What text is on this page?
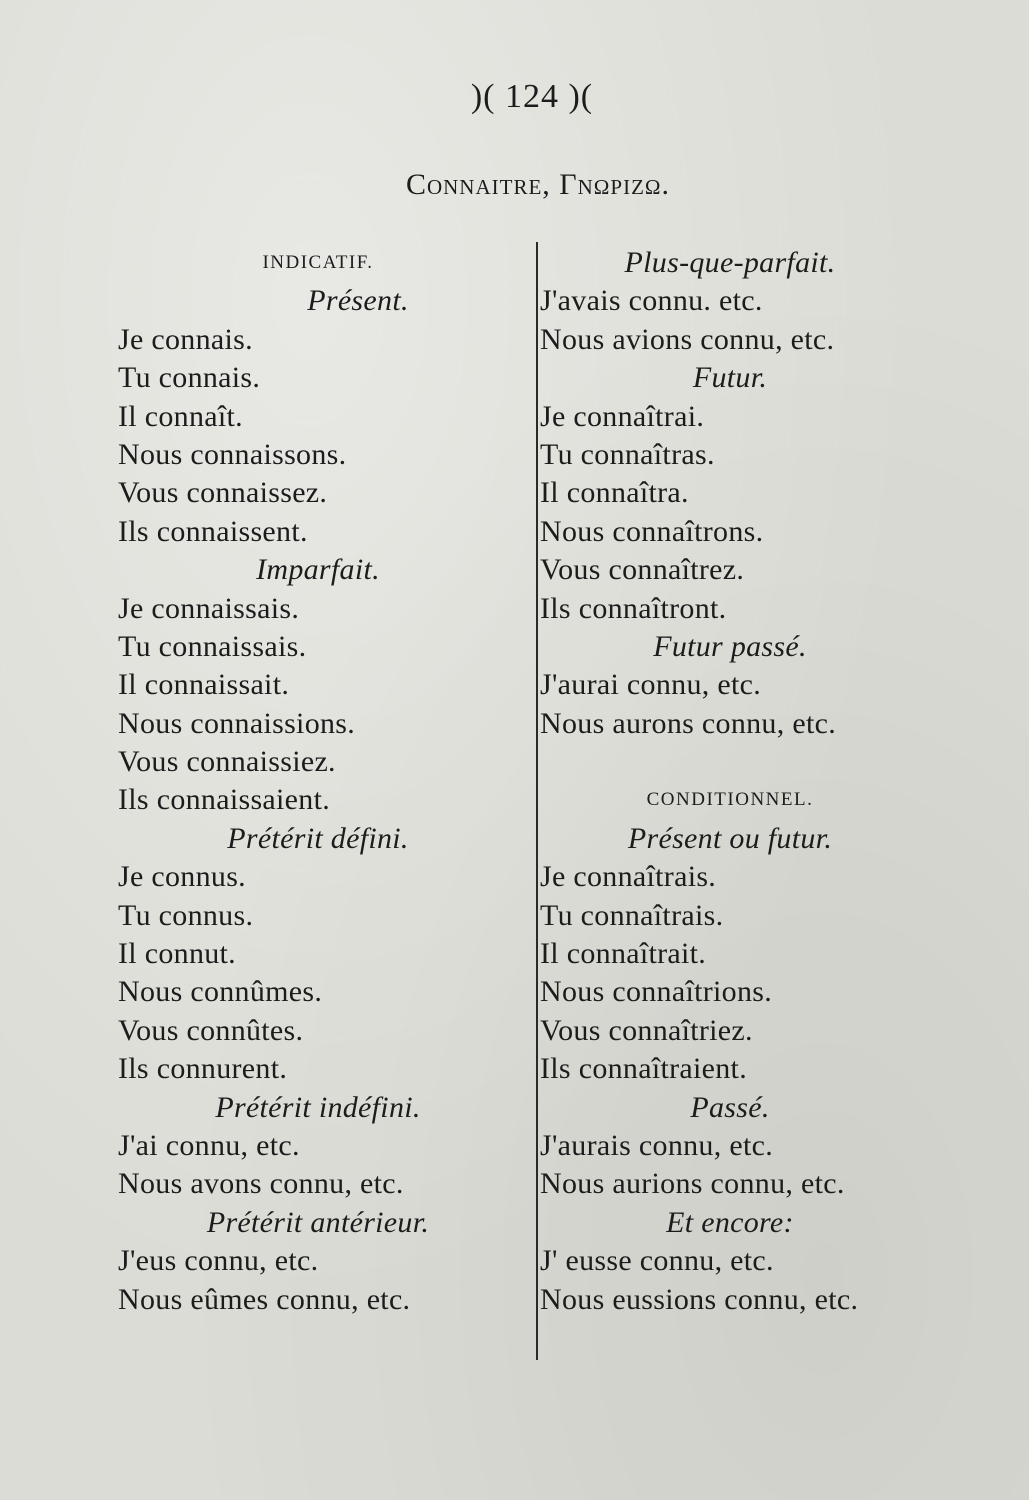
)( 124 )(
Connaitre, Γνωριζω.
INDICATIF.
Présent.
Je connais.
Tu connais.
Il connaît.
Nous connaissons.
Vous connaissez.
Ils connaissent.
Imparfait.
Je connaissais.
Tu connaissais.
Il connaissait.
Nous connaissions.
Vous connaissiez.
Ils connaissaient.
Prétérit défini.
Je connus.
Tu connus.
Il connut.
Nous connûmes.
Vous connûtes.
Ils connurent.
Prétérit indéfini.
J'ai connu, etc.
Nous avons connu, etc.
Prétérit antérieur.
J'eus connu, etc.
Nous eûmes connu, etc.
Plus-que-parfait.
J'avais connu. etc.
Nous avions connu, etc.
Futur.
Je connaîtrai.
Tu connaîtras.
Il connaîtra.
Nous connaîtrons.
Vous connaîtrez.
Ils connaîtront.
Futur passé.
J'aurai connu, etc.
Nous aurons connu, etc.
CONDITIONNEL.
Présent ou futur.
Je connaîtrais.
Tu connaîtrais.
Il connaîtrait.
Nous connaîtrions.
Vous connaîtriez.
Ils connaîtraient.
Passé.
J'aurais connu, etc.
Nous aurions connu, etc.
Et encore:
J' eusse connu, etc.
Nous eussions connu, etc.
